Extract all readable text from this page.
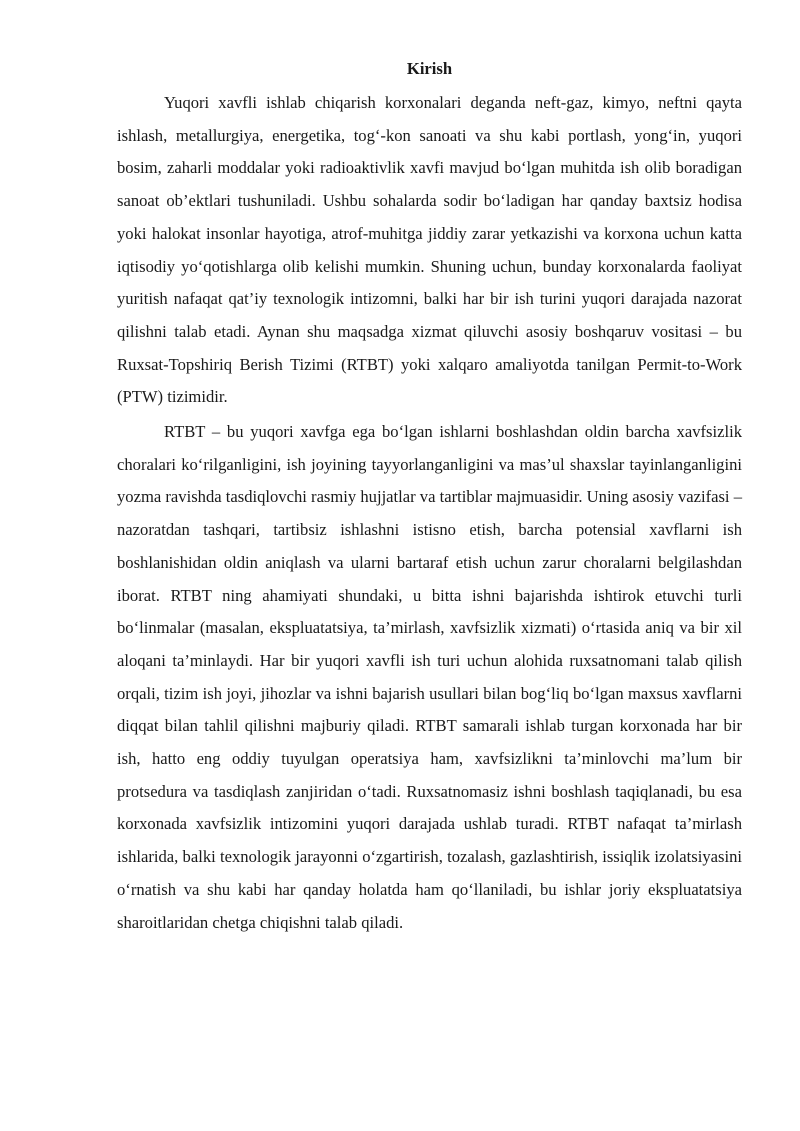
Kirish

Yuqori xavfli ishlab chiqarish korxonalari deganda neft-gaz, kimyo, neftni qayta ishlash, metallurgiya, energetika, tog‘-kon sanoati va shu kabi portlash, yong‘in, yuqori bosim, zaharli moddalar yoki radioaktivlik xavfi mavjud bo‘lgan muhitda ish olib boradigan sanoat ob’ektlari tushuniladi. Ushbu sohalarda sodir bo‘ladigan har qanday baxtsiz hodisa yoki halokat insonlar hayotiga, atrof-muhitga jiddiy zarar yetkazishi va korxona uchun katta iqtisodiy yo‘qotishlarga olib kelishi mumkin. Shuning uchun, bunday korxonalarda faoliyat yuritish nafaqat qat’iy texnologik intizomni, balki har bir ish turini yuqori darajada nazorat qilishni talab etadi. Aynan shu maqsadga xizmat qiluvchi asosiy boshqaruv vositasi – bu Ruxsat-Topshiriq Berish Tizimi (RTBT) yoki xalqaro amaliyotda tanilgan Permit-to-Work (PTW) tizimidir.

RTBT – bu yuqori xavfga ega bo‘lgan ishlarni boshlashdan oldin barcha xavfsizlik choralari ko‘rilganligini, ish joyining tayyorlanganligini va mas’ul shaxslar tayinlanganligini yozma ravishda tasdiqlovchi rasmiy hujjatlar va tartiblar majmuasidir. Uning asosiy vazifasi – nazoratdan tashqari, tartibsiz ishlashni istisno etish, barcha potensial xavflarni ish boshlanishidan oldin aniqlash va ularni bartaraf etish uchun zarur choralarni belgilashdan iborat. RTBT ning ahamiyati shundaki, u bitta ishni bajarishda ishtirok etuvchi turli bo‘linmalar (masalan, ekspluatatsiya, ta’mirlash, xavfsizlik xizmati) o‘rtasida aniq va bir xil aloqani ta’minlaydi. Har bir yuqori xavfli ish turi uchun alohida ruxsatnomani talab qilish orqali, tizim ish joyi, jihozlar va ishni bajarish usullari bilan bog‘liq bo‘lgan maxsus xavflarni diqqat bilan tahlil qilishni majburiy qiladi. RTBT samarali ishlab turgan korxonada har bir ish, hatto eng oddiy tuyulgan operatsiya ham, xavfsizlikni ta’minlovchi ma’lum bir protsedura va tasdiqlash zanjiridan o‘tadi. Ruxsatnomasiz ishni boshlash taqiqlanadi, bu esa korxonada xavfsizlik intizomini yuqori darajada ushlab turadi. RTBT nafaqat ta’mirlash ishlarida, balki texnologik jarayonni o‘zgartirish, tozalash, gazlashtirish, issiqlik izolatsiyasini o‘rnatish va shu kabi har qanday holatda ham qo‘llaniladi, bu ishlar joriy ekspluatatsiya sharoitlaridan chetga chiqishni talab qiladi.
